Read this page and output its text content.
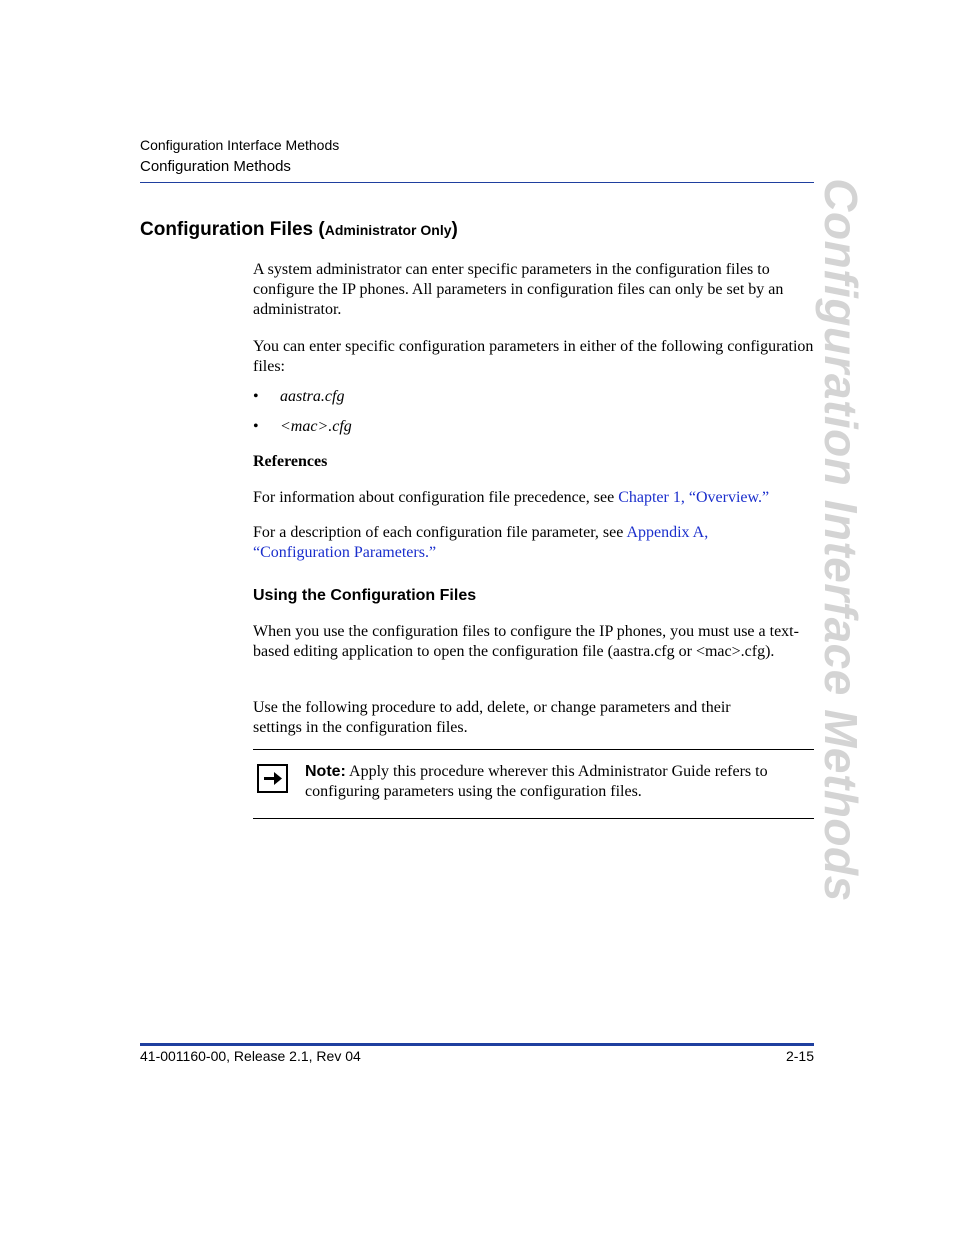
Configuration Interface Methods
Configuration Methods
Configuration Files (Administrator Only)

A system administrator can enter specific parameters in the configuration files to configure the IP phones. All parameters in configuration files can only be set by an administrator.

You can enter specific configuration parameters in either of the following configuration files:

• aastra.cfg
• <mac>.cfg
References

For information about configuration file precedence, see Chapter 1, “Overview.”

For a description of each configuration file parameter, see Appendix A, “Configuration Parameters.”

Using the Configuration Files

When you use the configuration files to configure the IP phones, you must use a text-based editing application to open the configuration file (aastra.cfg or <mac>.cfg).

Use the following procedure to add, delete, or change parameters and their settings in the configuration files.

Note: Apply this procedure wherever this Administrator Guide refers to configuring parameters using the configuration files.	Configuration Interface Methods
41-001160-00, Release 2.1, Rev 04	2-15
